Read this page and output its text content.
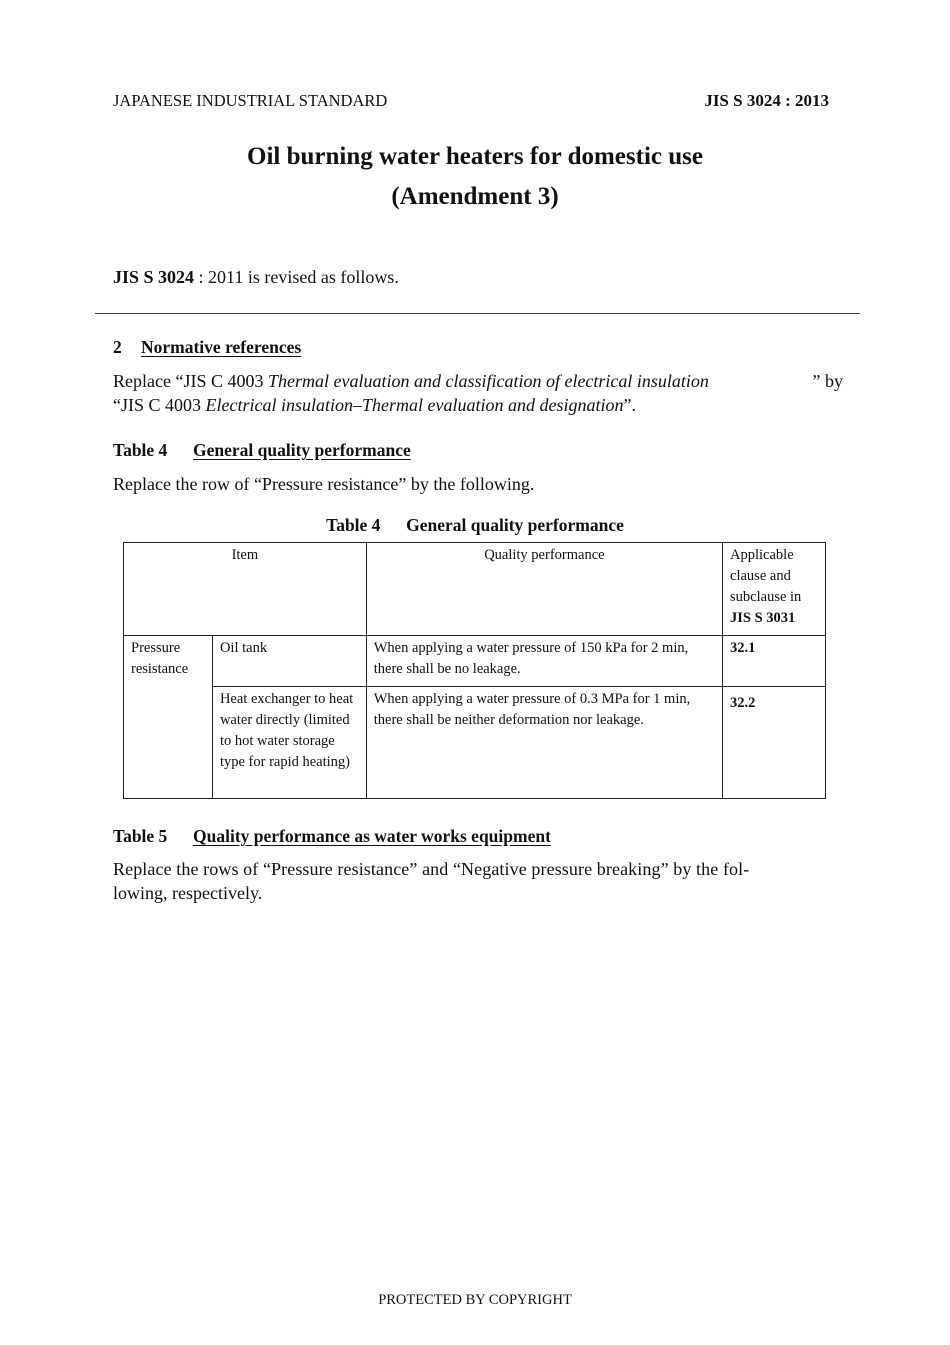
JAPANESE INDUSTRIAL STANDARD	JIS S 3024 : 2013
Oil burning water heaters for domestic use
(Amendment 3)
JIS S 3024 : 2011 is revised as follows.
2 Normative references
Replace “JIS C 4003 Thermal evaluation and classification of electrical insulation	” by
“JIS C 4003 Electrical insulation–Thermal evaluation and designation”.
Table 4 General quality performance
Replace the row of “Pressure resistance” by the following.
Table 4 General quality performance
Item		Quality performance	Applicable clause and subclause in
JIS S 3031
Pressure resistance	Oil tank	When applying a water pressure of 150 kPa for 2 min, there shall be no leakage.	32.1
	Heat exchanger to heat water directly (limited to hot water storage type for rapid heating)	When applying a water pressure of 0.3 MPa for 1 min, there shall be neither deformation nor leakage.	32.2
Table 5 Quality performance as water works equipment
Replace the rows of “Pressure resistance” and “Negative pressure breaking” by the fol-
lowing, respectively.
PROTECTED BY COPYRIGHT
